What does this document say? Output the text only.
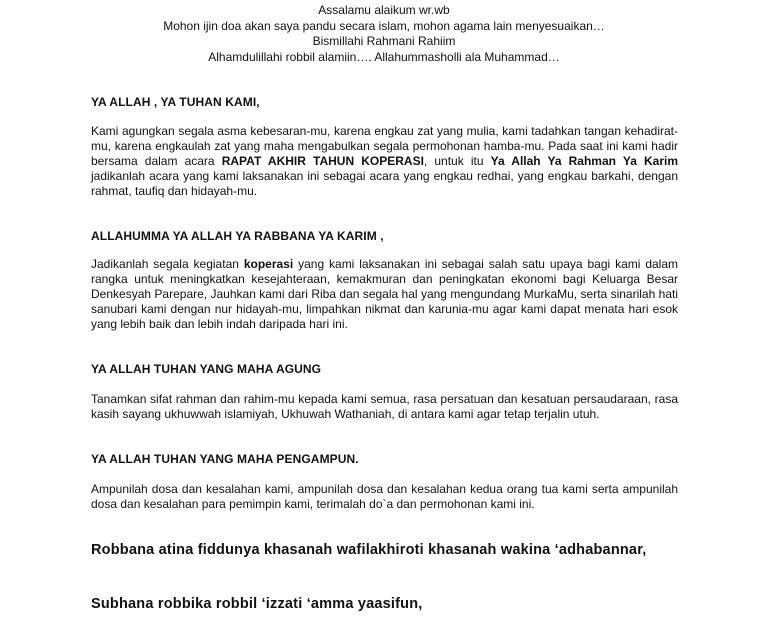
Assalamu alaikum wr.wb
Mohon ijin doa akan saya pandu secara islam, mohon agama lain menyesuaikan…
Bismillahi Rahmani Rahiim
Alhamdulillahi robbil alamiin…. Allahummasholli ala Muhammad…
YA ALLAH , YA TUHAN KAMI,
Kami agungkan segala asma kebesaran-mu, karena engkau zat yang mulia, kami tadahkan tangan kehadirat-mu, karena engkaulah zat yang maha mengabulkan segala permohonan hamba-mu. Pada saat ini kami hadir bersama dalam acara RAPAT AKHIR TAHUN KOPERASI, untuk itu Ya Allah Ya Rahman Ya Karim jadikanlah acara yang kami laksanakan ini sebagai acara yang engkau redhai, yang engkau barkahi, dengan rahmat, taufiq dan hidayah-mu.
ALLAHUMMA YA ALLAH YA RABBANA YA KARIM ,
Jadikanlah segala kegiatan koperasi yang kami laksanakan ini sebagai salah satu upaya bagi kami dalam rangka untuk meningkatkan kesejahteraan, kemakmuran dan peningkatan ekonomi bagi Keluarga Besar Denkesyah Parepare, Jauhkan kami dari Riba dan segala hal yang mengundang MurkaMu, serta sinarilah hati sanubari kami dengan nur hidayah-mu, limpahkan nikmat dan karunia-mu agar kami dapat menata hari esok yang lebih baik dan lebih indah daripada hari ini.
YA ALLAH TUHAN YANG MAHA AGUNG
Tanamkan sifat rahman dan rahim-mu kepada kami semua, rasa persatuan dan kesatuan persaudaraan, rasa kasih sayang ukhuwwah islamiyah, Ukhuwah Wathaniah, di antara kami agar tetap terjalin utuh.
YA ALLAH TUHAN YANG MAHA PENGAMPUN.
Ampunilah dosa dan kesalahan kami, ampunilah dosa dan kesalahan kedua orang tua kami serta ampunilah dosa dan kesalahan para pemimpin kami, terimalah do`a dan permohonan kami ini.
Robbana atina fiddunya khasanah wafilakhiroti khasanah wakina ‘adhabannar,
Subhana robbika robbil ‘izzati ‘amma yaasifun,
